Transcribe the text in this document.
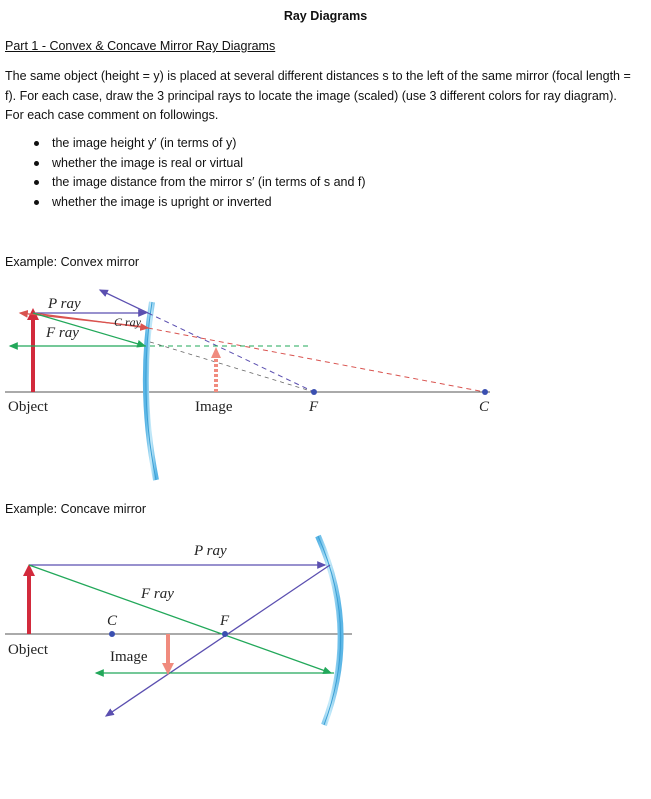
Ray Diagrams
Part 1 - Convex & Concave Mirror Ray Diagrams
The same object (height = y) is placed at several different distances s to the left of the same mirror (focal length = f). For each case, draw the 3 principal rays to locate the image (scaled) (use 3 different colors for ray diagram). For each case comment on followings.
the image height y′ (in terms of y)
whether the image is real or virtual
the image distance from the mirror s′ (in terms of s and f)
whether the image is upright or inverted
Example: Convex mirror
P ray
F ray
C ray
Object	Image	F	C
Example: Concave mirror
P ray
F ray
C	F
Object	Image
